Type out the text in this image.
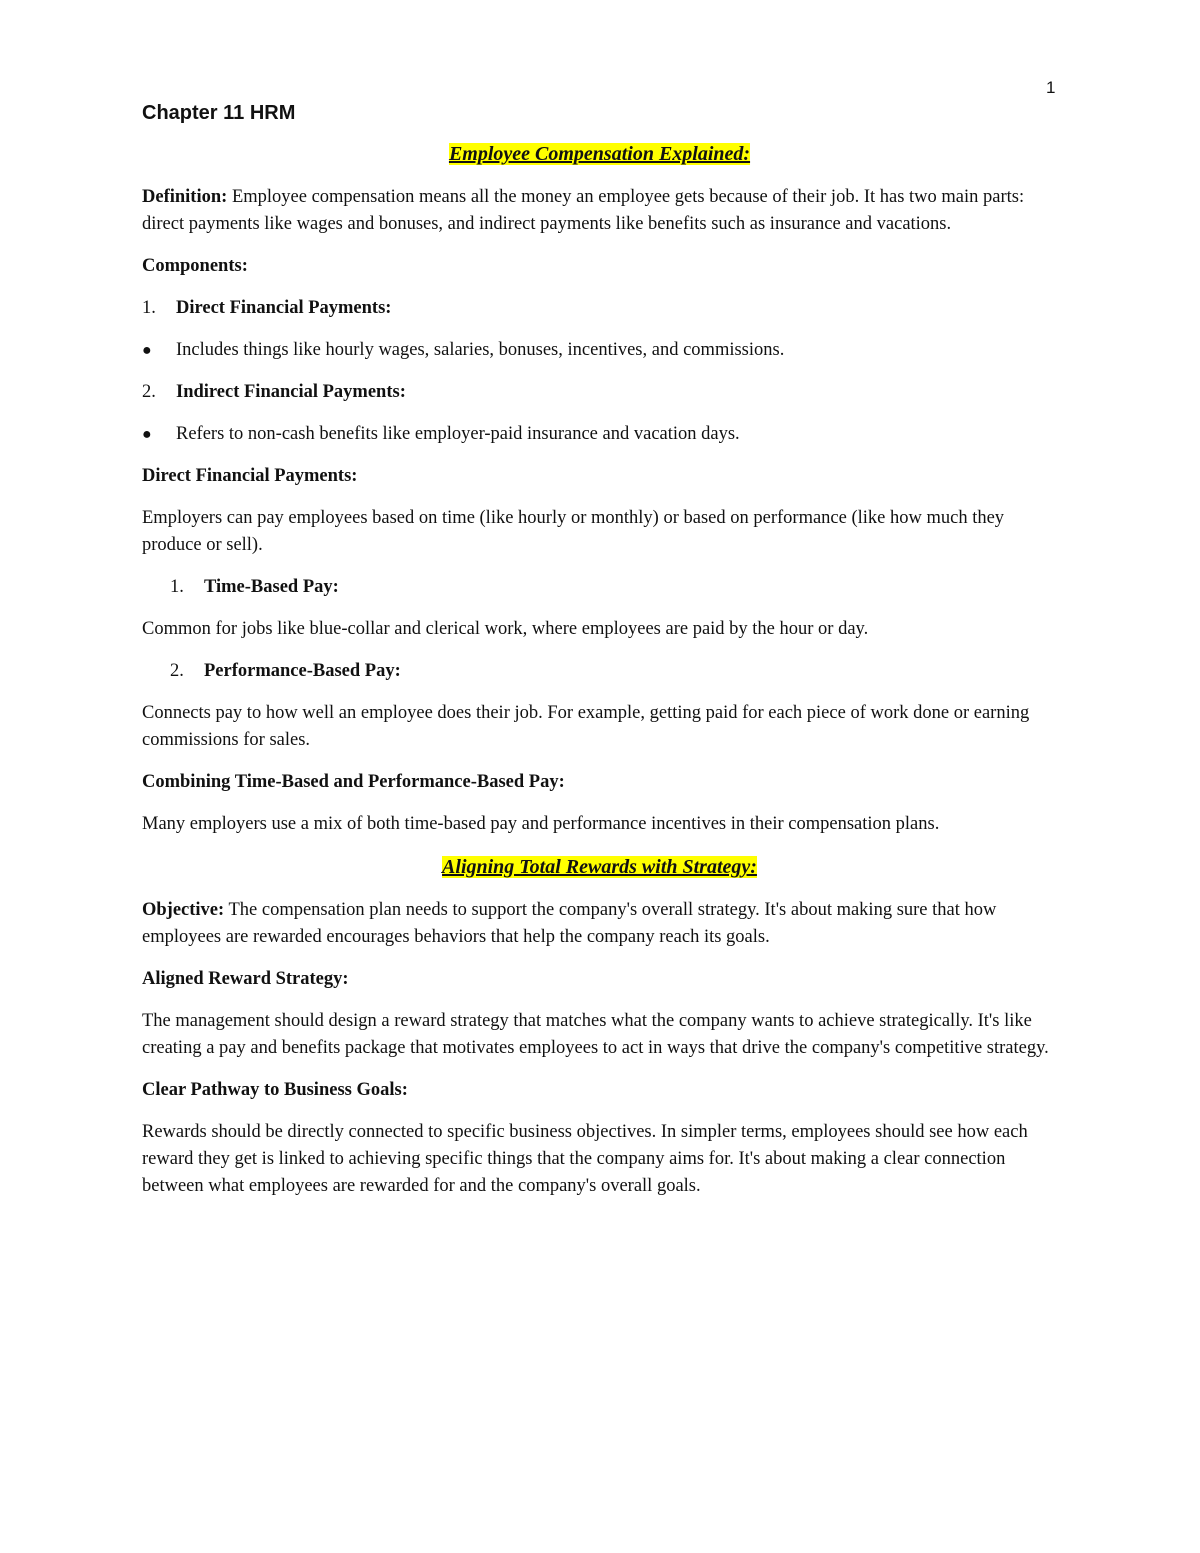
1
Chapter 11 HRM
Employee Compensation Explained:

Definition: Employee compensation means all the money an employee gets because of their job. It has two main parts: direct payments like wages and bonuses, and indirect payments like benefits such as insurance and vacations.

Components:

1.	Direct Financial Payments:
●	Includes things like hourly wages, salaries, bonuses, incentives, and commissions.
2.	Indirect Financial Payments:
●	Refers to non-cash benefits like employer-paid insurance and vacation days.

Direct Financial Payments:

Employers can pay employees based on time (like hourly or monthly) or based on performance (like how much they produce or sell).

1.	Time-Based Pay:

Common for jobs like blue-collar and clerical work, where employees are paid by the hour or day.

2.	Performance-Based Pay:

Connects pay to how well an employee does their job. For example, getting paid for each piece of work done or earning commissions for sales.

Combining Time-Based and Performance-Based Pay:

Many employers use a mix of both time-based pay and performance incentives in their compensation plans.

Aligning Total Rewards with Strategy:

Objective: The compensation plan needs to support the company's overall strategy. It's about making sure that how employees are rewarded encourages behaviors that help the company reach its goals.

Aligned Reward Strategy:

The management should design a reward strategy that matches what the company wants to achieve strategically. It's like creating a pay and benefits package that motivates employees to act in ways that drive the company's competitive strategy.

Clear Pathway to Business Goals:

Rewards should be directly connected to specific business objectives. In simpler terms, employees should see how each reward they get is linked to achieving specific things that the company aims for. It's about making a clear connection between what employees are rewarded for and the company's overall goals.
